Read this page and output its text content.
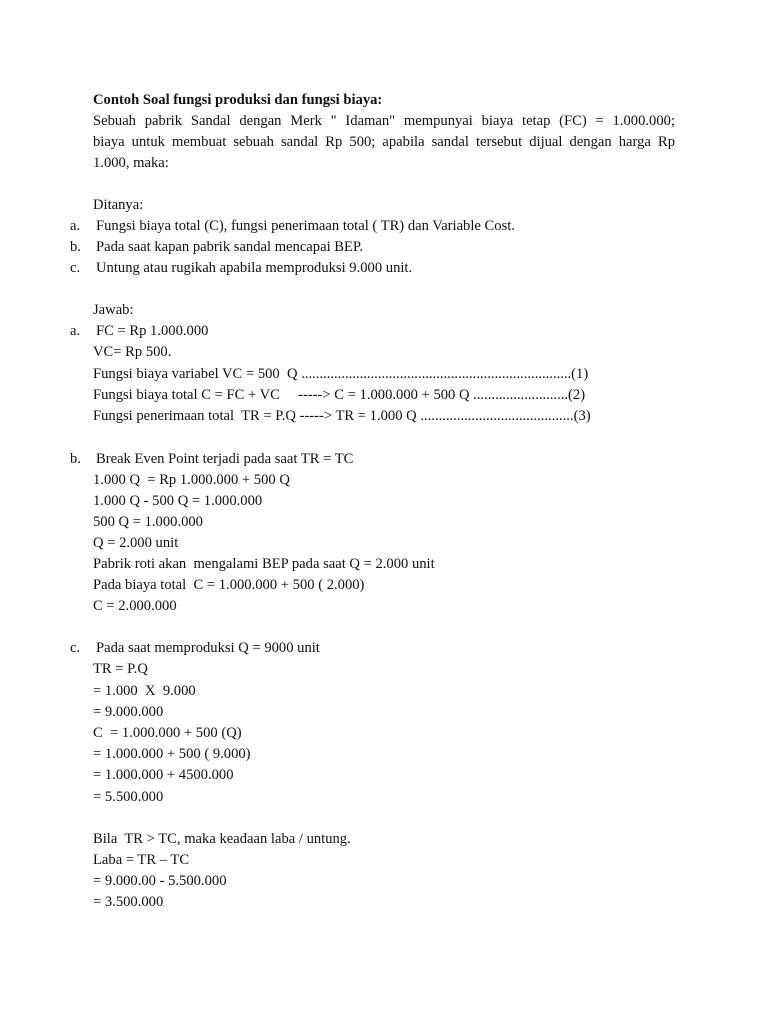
Contoh Soal fungsi produksi dan fungsi biaya:
Sebuah pabrik Sandal dengan Merk " Idaman" mempunyai biaya tetap (FC) = 1.000.000;
biaya untuk membuat sebuah sandal Rp 500; apabila sandal tersebut dijual dengan harga Rp
1.000, maka:
Ditanya:
a. Fungsi biaya total (C), fungsi penerimaan total ( TR) dan Variable Cost.
b. Pada saat kapan pabrik sandal mencapai BEP.
c. Untung atau rugikah apabila memproduksi 9.000 unit.
Jawab:
a. FC = Rp 1.000.000
VC= Rp 500.
Fungsi biaya variabel VC = 500  Q ..........................................................................(1)
Fungsi biaya total C = FC + VC     -----> C = 1.000.000 + 500 Q ..........................(2)
Fungsi penerimaan total  TR = P.Q -----> TR = 1.000 Q ..........................................(3)
b. Break Even Point terjadi pada saat TR = TC
1.000 Q  = Rp 1.000.000 + 500 Q
1.000 Q - 500 Q = 1.000.000
500 Q = 1.000.000
Q = 2.000 unit
Pabrik roti akan  mengalami BEP pada saat Q = 2.000 unit
Pada biaya total  C = 1.000.000 + 500 ( 2.000)
C = 2.000.000
c. Pada saat memproduksi Q = 9000 unit
TR = P.Q
= 1.000  X  9.000
= 9.000.000
C  = 1.000.000 + 500 (Q)
= 1.000.000 + 500 ( 9.000)
= 1.000.000 + 4500.000
= 5.500.000
Bila  TR > TC, maka keadaan laba / untung.
Laba = TR – TC
= 9.000.00 - 5.500.000
= 3.500.000
